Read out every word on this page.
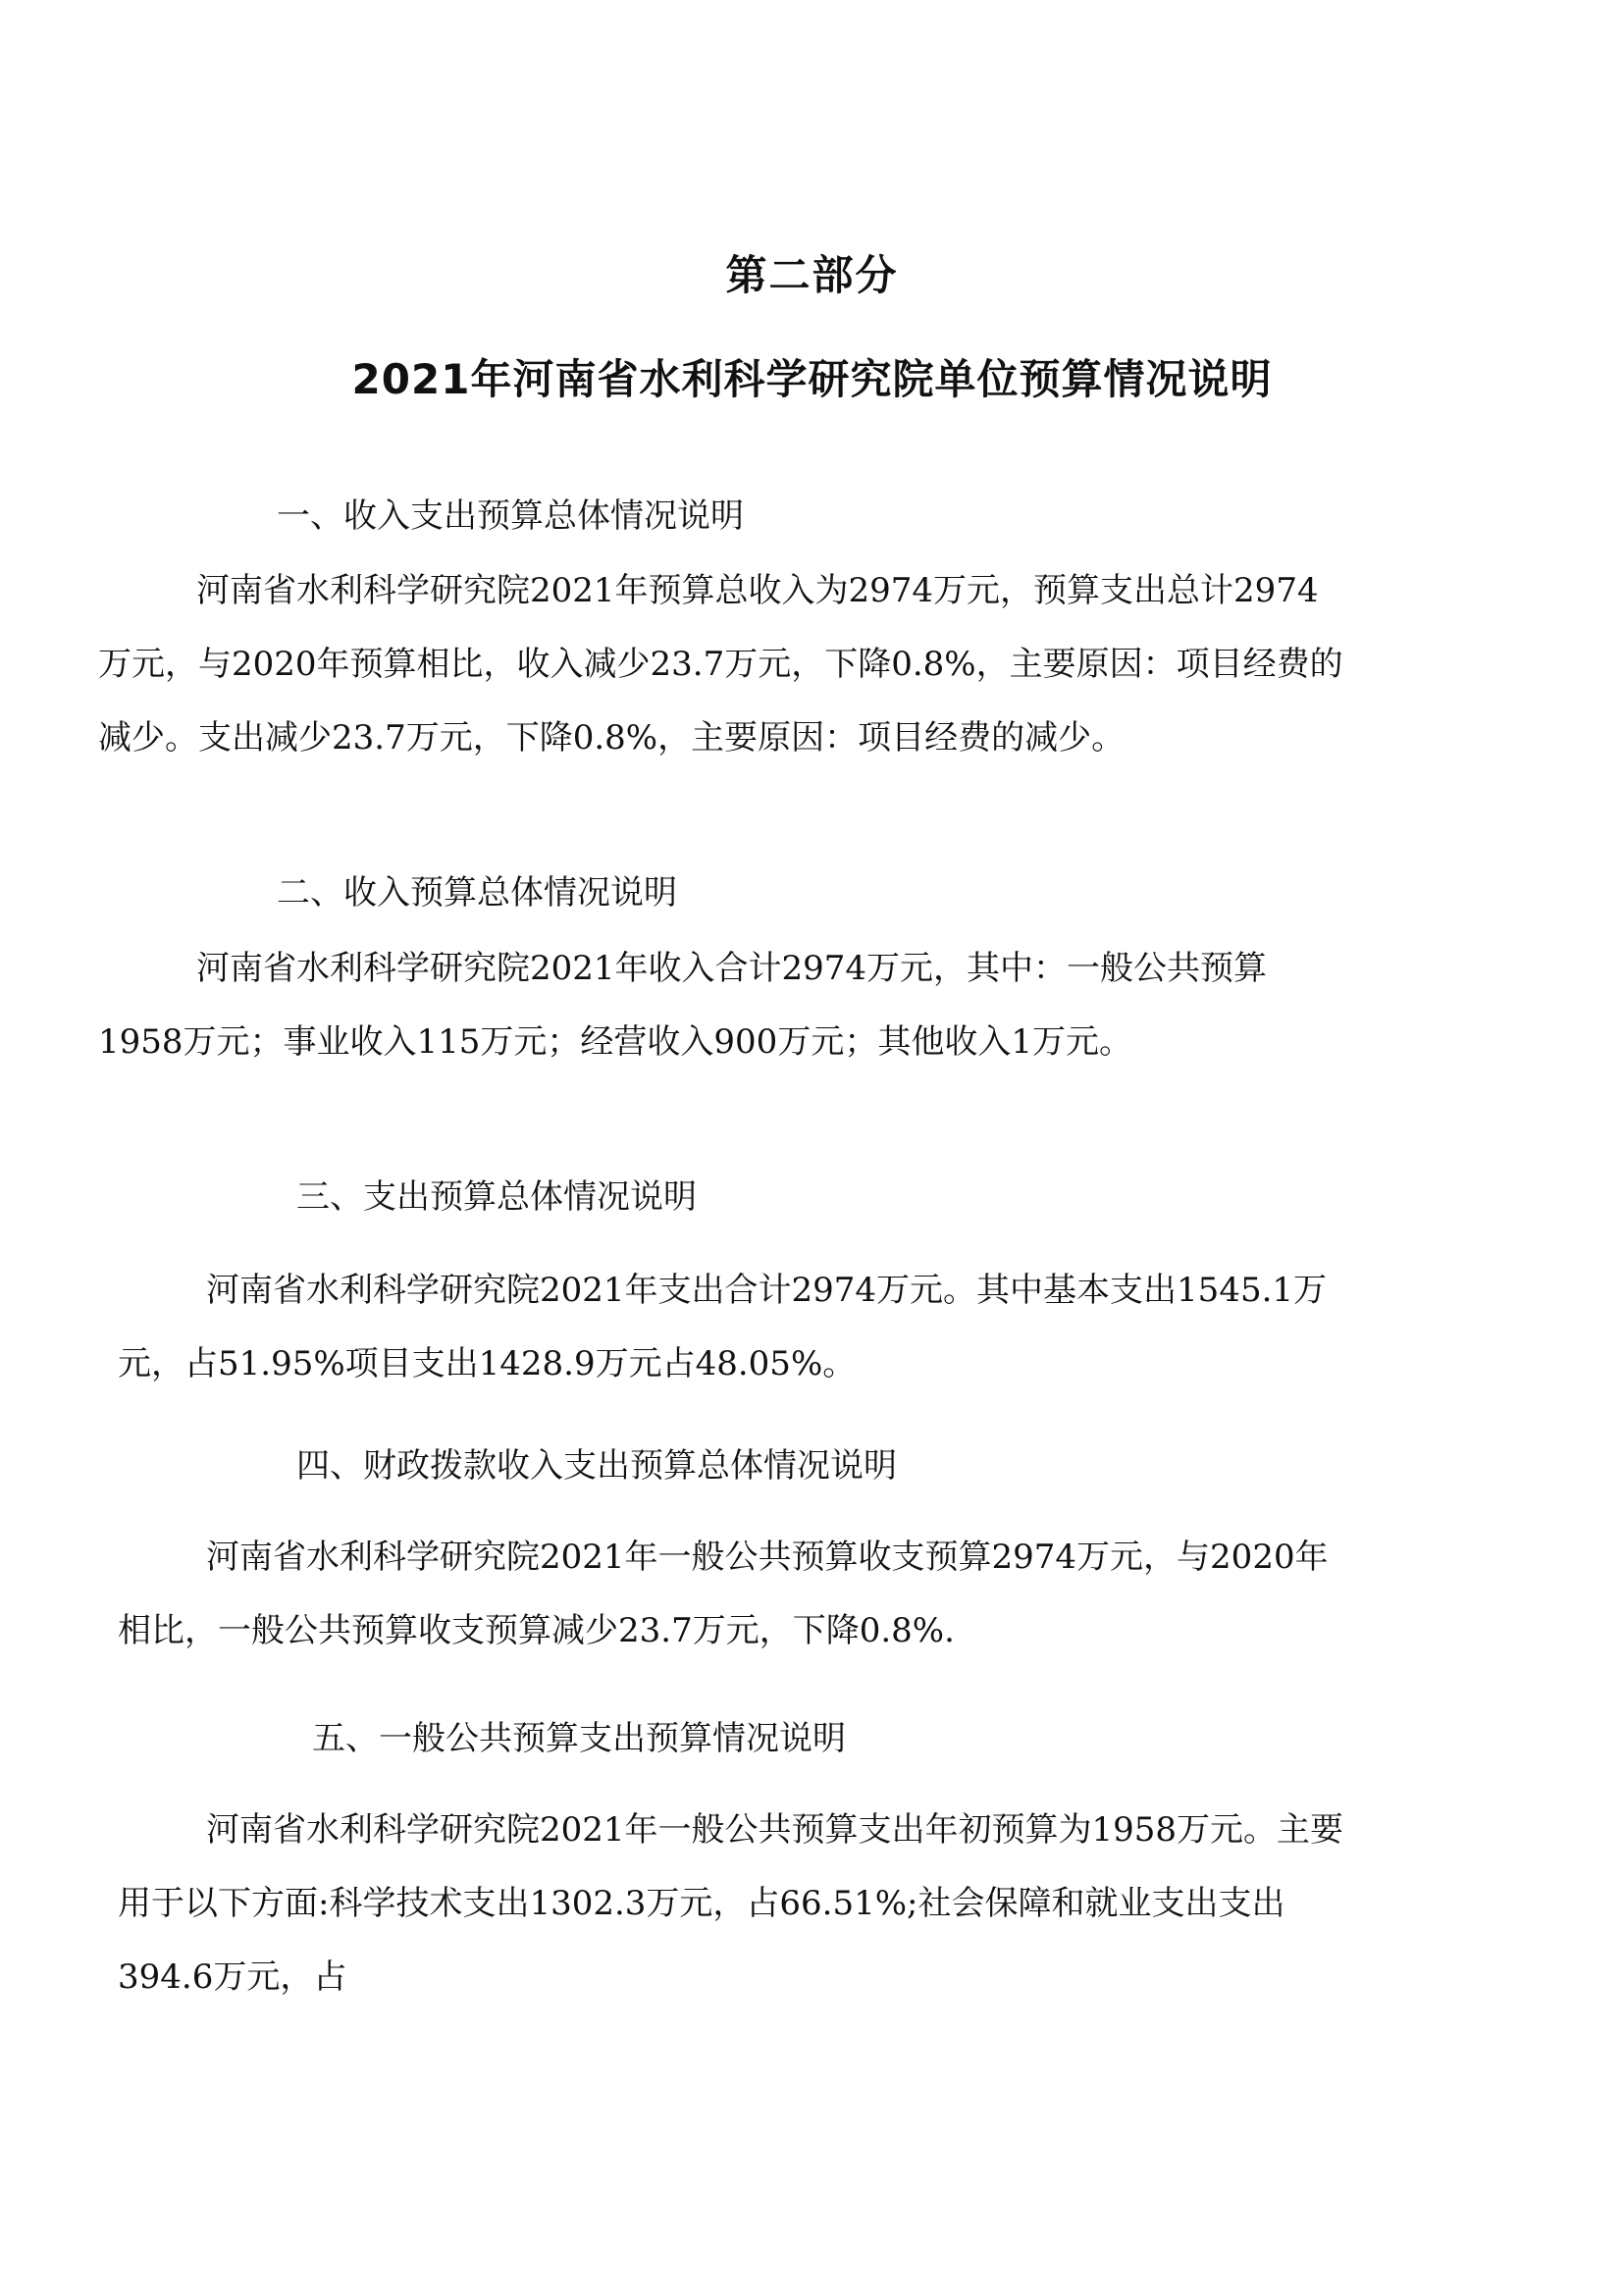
第二部分
2021年河南省水利科学研究院单位预算情况说明
一、收入支出预算总体情况说明
河南省水利科学研究院2021年预算总收入为2974万元，预算支出总计2974万元，与2020年预算相比，收入减少23.7万元，下降0.8%，主要原因：项目经费的减少。支出减少23.7万元，下降0.8%，主要原因：项目经费的减少。
二、收入预算总体情况说明
河南省水利科学研究院2021年收入合计2974万元，其中：一般公共预算1958万元；事业收入115万元；经营收入900万元；其他收入1万元。
三、支出预算总体情况说明
河南省水利科学研究院2021年支出合计2974万元。其中基本支出1545.1万元，占51.95%项目支出1428.9万元占48.05%。
四、财政拨款收入支出预算总体情况说明
河南省水利科学研究院2021年一般公共预算收支预算2974万元，与2020年相比，一般公共预算收支预算减少23.7万元，下降0.8%.
五、一般公共预算支出预算情况说明
河南省水利科学研究院2021年一般公共预算支出年初预算为1958万元。主要用于以下方面:科学技术支出1302.3万元，占66.51%;社会保障和就业支出支出394.6万元，占
